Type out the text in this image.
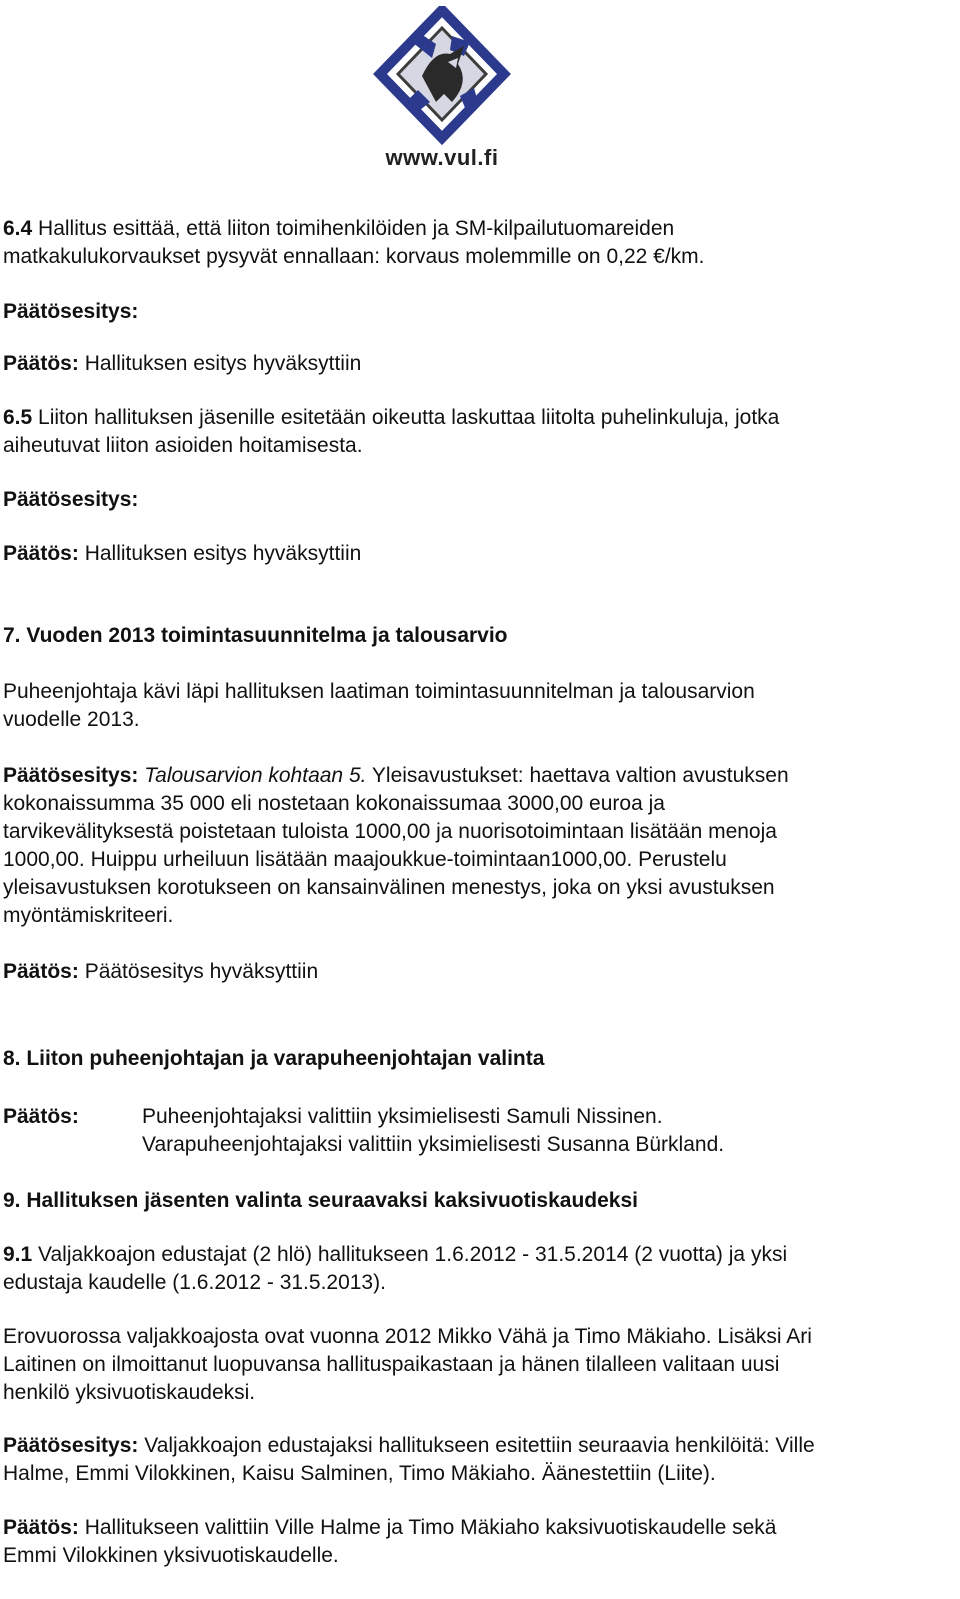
www.vul.fi

6.4 Hallitus esittää, että liiton toimihenkilöiden ja SM-kilpailutuomareiden
matkakulukorvaukset pysyvät ennallaan: korvaus molemmille on 0,22 €/km.

Päätösesitys:

Päätös: Hallituksen esitys hyväksyttiin

6.5 Liiton hallituksen jäsenille esitetään oikeutta laskuttaa liitolta puhelinkuluja, jotka
aiheutuvat liiton asioiden hoitamisesta.

Päätösesitys:

Päätös: Hallituksen esitys hyväksyttiin

7. Vuoden 2013 toimintasuunnitelma ja talousarvio

Puheenjohtaja kävi läpi hallituksen laatiman toimintasuunnitelman ja talousarvion
vuodelle 2013.

Päätösesitys: Talousarvion kohtaan 5. Yleisavustukset: haettava valtion avustuksen
kokonaissumma 35 000 eli nostetaan kokonaissumaa 3000,00 euroa ja
tarvikevälityksestä poistetaan tuloista 1000,00 ja nuorisotoimintaan lisätään menoja
1000,00. Huippu urheiluun lisätään maajoukkue-toimintaan1000,00. Perustelu
yleisavustuksen korotukseen on kansainvälinen menestys, joka on yksi avustuksen
myöntämiskriteeri.

Päätös: Päätösesitys hyväksyttiin

8. Liiton puheenjohtajan ja varapuheenjohtajan valinta

Päätös:	Puheenjohtajaksi valittiin yksimielisesti Samuli Nissinen.
Varapuheenjohtajaksi valittiin yksimielisesti Susanna Bürkland.

9. Hallituksen jäsenten valinta seuraavaksi kaksivuotiskaudeksi

9.1 Valjakkoajon edustajat (2 hlö) hallitukseen 1.6.2012 - 31.5.2014 (2 vuotta) ja yksi
edustaja kaudelle (1.6.2012 - 31.5.2013).

Erovuorossa valjakkoajosta ovat vuonna 2012 Mikko Vähä ja Timo Mäkiaho. Lisäksi Ari
Laitinen on ilmoittanut luopuvansa hallituspaikastaan ja hänen tilalleen valitaan uusi
henkilö yksivuotiskaudeksi.

Päätösesitys: Valjakkoajon edustajaksi hallitukseen esitettiin seuraavia henkilöitä: Ville
Halme, Emmi Vilokkinen, Kaisu Salminen, Timo Mäkiaho. Äänestettiin (Liite).

Päätös: Hallitukseen valittiin Ville Halme ja Timo Mäkiaho kaksivuotiskaudelle sekä
Emmi Vilokkinen yksivuotiskaudelle.
